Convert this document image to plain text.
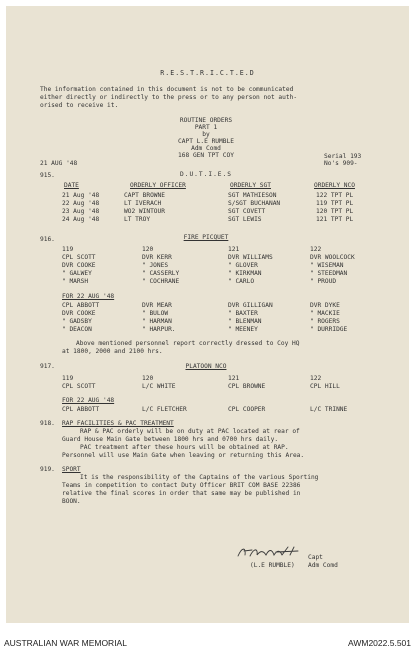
R.E.S.T.R.I.C.T.E.D
The information contained in this document is not to be communicated
either directly or indirectly to the press or to any person not auth-
orised to receive it.
ROUTINE ORDERS
PART 1
by
CAPT L.E RUMBLE
Adm Comd
168 GEN TPT COY
21 AUG '48
Serial 193
No's 909-
915.	D.U.T.I.E.S
DATE	ORDERLY OFFICER	ORDERLY SGT	ORDERLY NCO
21 Aug '48	CAPT BROWNE	SGT MATHIESON	122 TPT PL
22 Aug '48	LT IVERACH	S/SGT BUCHANAN	119 TPT PL
23 Aug '48	WO2 WINTOUR	SGT COVETT	120 TPT PL
24 Aug '48	LT TROY	SGT LEWIS	121 TPT PL
916.	FIRE PICQUET
119	120	121	122
CPL SCOTT	DVR KERR	DVR WILLIAMS	DVR WOOLCOCK
DVR COOKE	" JONES	" GLOVER	" WISEMAN
" GALWEY	" CASSERLY	" KIRKMAN	" STEEDMAN
" MARSH	" COCHRANE	" CARLO	" PROUD
FOR 22 AUG '48
CPL ABBOTT	DVR MEAR	DVR GILLIGAN	DVR DYKE
DVR COOKE	" BULOW	" BAXTER	" MACKIE
" GADSBY	" HARMAN	" BLENMAN	" ROGERS
" DEACON	" HARPUR.	" MEENEY	" DURRIDGE
Above mentioned personnel report correctly dressed to Coy HQ
at 1800, 2000 and 2100 hrs.
917.	PLATOON NCO
119	120	121	122
CPL SCOTT	L/C WHITE	CPL BROWNE	CPL HILL
FOR 22 AUG '48
CPL ABBOTT	L/C FLETCHER	CPL COOPER	L/C TRINNE
918. RAP FACILITIES & PAC TREATMENT
RAP & PAC orderly will be on duty at PAC located at rear of
Guard House Main Gate between 1800 hrs and 0700 hrs daily.
PAC treatment after these hours will be obtained at RAP.
Personnel will use Main Gate when leaving or returning this Area.
919. SPORT
It is the responsibility of the Captains of the various Sporting
Teams in competition to contact Duty Officer BRIT COM BASE 22386
relative the final scores in order that same may be published in
BOON.
Capt
(L.E RUMBLE) Adm Comd
AUSTRALIAN WAR MEMORIAL	AWM2022.5.501
